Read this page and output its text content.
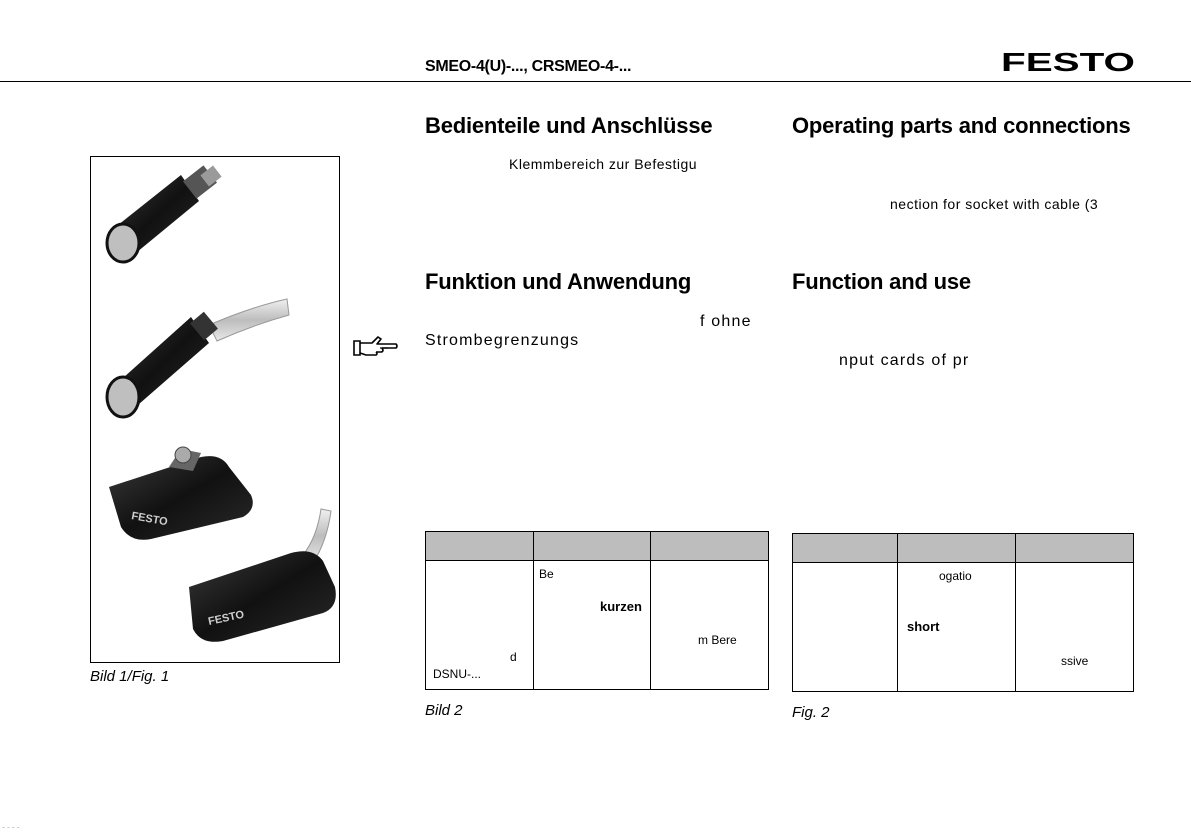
SMEO-4(U)-..., CRSMEO-4-...	FESTO
Bedienteile und Anschlüsse
Klemmbereich zur Befestigu
Funktion und Anwendung
f ohne
Strombegrenzungs
Operating parts and connections
nection for socket with cable (3
Function and use
nput cards of pr
FESTO
FESTO
Bild 1/Fig. 1
Be
kurzen
m Bere
d
DSNU-...
Bild 2
ogatio
short
ssive
Fig. 2
⁻ ⁻ ⁻ ⁻
